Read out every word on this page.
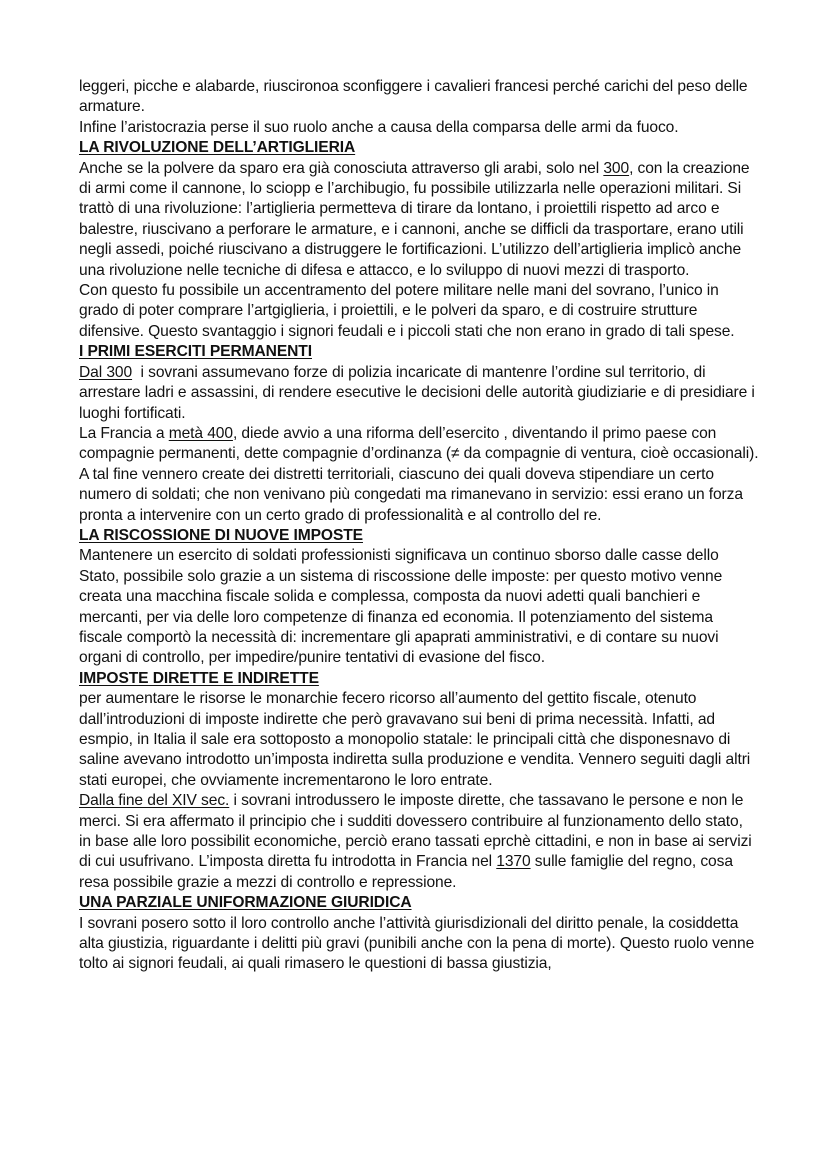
leggeri, picche e alabarde, riuscironoa sconfiggere i cavalieri francesi perché carichi del peso delle armature.

Infine l’aristocrazia perse il suo ruolo anche a causa della comparsa delle armi da fuoco.

LA RIVOLUZIONE DELL’ARTIGLIERIA

Anche se la polvere da sparo era già conosciuta attraverso gli arabi, solo nel 300, con la creazione di armi come il cannone, lo sciopp e l’archibugio, fu possibile utilizzarla nelle operazioni militari. Si trattò di una rivoluzione: l’artiglieria permetteva di tirare da lontano, i proiettili rispetto ad arco e balestre, riuscivano a perforare le armature, e i cannoni, anche se difficli da trasportare, erano utili negli assedi, poiché riuscivano a distruggere le fortificazioni. L’utilizzo dell’artiglieria implicò anche una rivoluzione nelle tecniche di difesa e attacco, e lo sviluppo di nuovi mezzi di trasporto.

Con questo fu possibile un accentramento del potere militare nelle mani del sovrano, l’unico in grado di poter comprare l’artgiglieria, i proiettili, e le polveri da sparo, e di costruire strutture difensive. Questo svantaggio i signori feudali e i piccoli stati che non erano in grado di tali spese.

I PRIMI ESERCITI PERMANENTI

Dal 300  i sovrani assumevano forze di polizia incaricate di mantenre l’ordine sul territorio, di arrestare ladri e assassini, di rendere esecutive le decisioni delle autorità giudiziarie e di presidiare i luoghi fortificati.

La Francia a metà 400, diede avvio a una riforma dell’esercito , diventando il primo paese con compagnie permanenti, dette compagnie d’ordinanza (≠ da compagnie di ventura, cioè occasionali). A tal fine vennero create dei distretti territoriali, ciascuno dei quali doveva stipendiare un certo numero di soldati; che non venivano più congedati ma rimanevano in servizio: essi erano un forza pronta a intervenire con un certo grado di professionalità e al controllo del re.

LA RISCOSSIONE DI NUOVE IMPOSTE

Mantenere un esercito di soldati professionisti significava un continuo sborso dalle casse dello Stato, possibile solo grazie a un sistema di riscossione delle imposte: per questo motivo venne creata una macchina fiscale solida e complessa, composta da nuovi adetti quali banchieri e mercanti, per via delle loro competenze di finanza ed economia. Il potenziamento del sistema fiscale comportò la necessità di: incrementare gli apaprati amministrativi, e di contare su nuovi organi di controllo, per impedire/punire tentativi di evasione del fisco.

IMPOSTE DIRETTE E INDIRETTE

per aumentare le risorse le monarchie fecero ricorso all’aumento del gettito fiscale, otenuto dall’introduzioni di imposte indirette che però gravavano sui beni di prima necessità. Infatti, ad esmpio, in Italia il sale era sottoposto a monopolio statale: le principali città che disponesnavo di saline avevano introdotto un’imposta indiretta sulla produzione e vendita. Vennero seguiti dagli altri stati europei, che ovviamente incrementarono le loro entrate.

Dalla fine del XIV sec. i sovrani introdussero le imposte dirette, che tassavano le persone e non le merci. Si era affermato il principio che i sudditi dovessero contribuire al funzionamento dello stato, in base alle loro possibilit economiche, perciò erano tassati eprchè cittadini, e non in base ai servizi di cui usufrivano. L’imposta diretta fu introdotta in Francia nel 1370 sulle famiglie del regno, cosa resa possibile grazie a mezzi di controllo e repressione.

UNA PARZIALE UNIFORMAZIONE GIURIDICA

I sovrani posero sotto il loro controllo anche l’attività giurisdizionali del diritto penale, la cosiddetta alta giustizia, riguardante i delitti più gravi (punibili anche con la pena di morte). Questo ruolo venne tolto ai signori feudali, ai quali rimasero le questioni di bassa giustizia,
